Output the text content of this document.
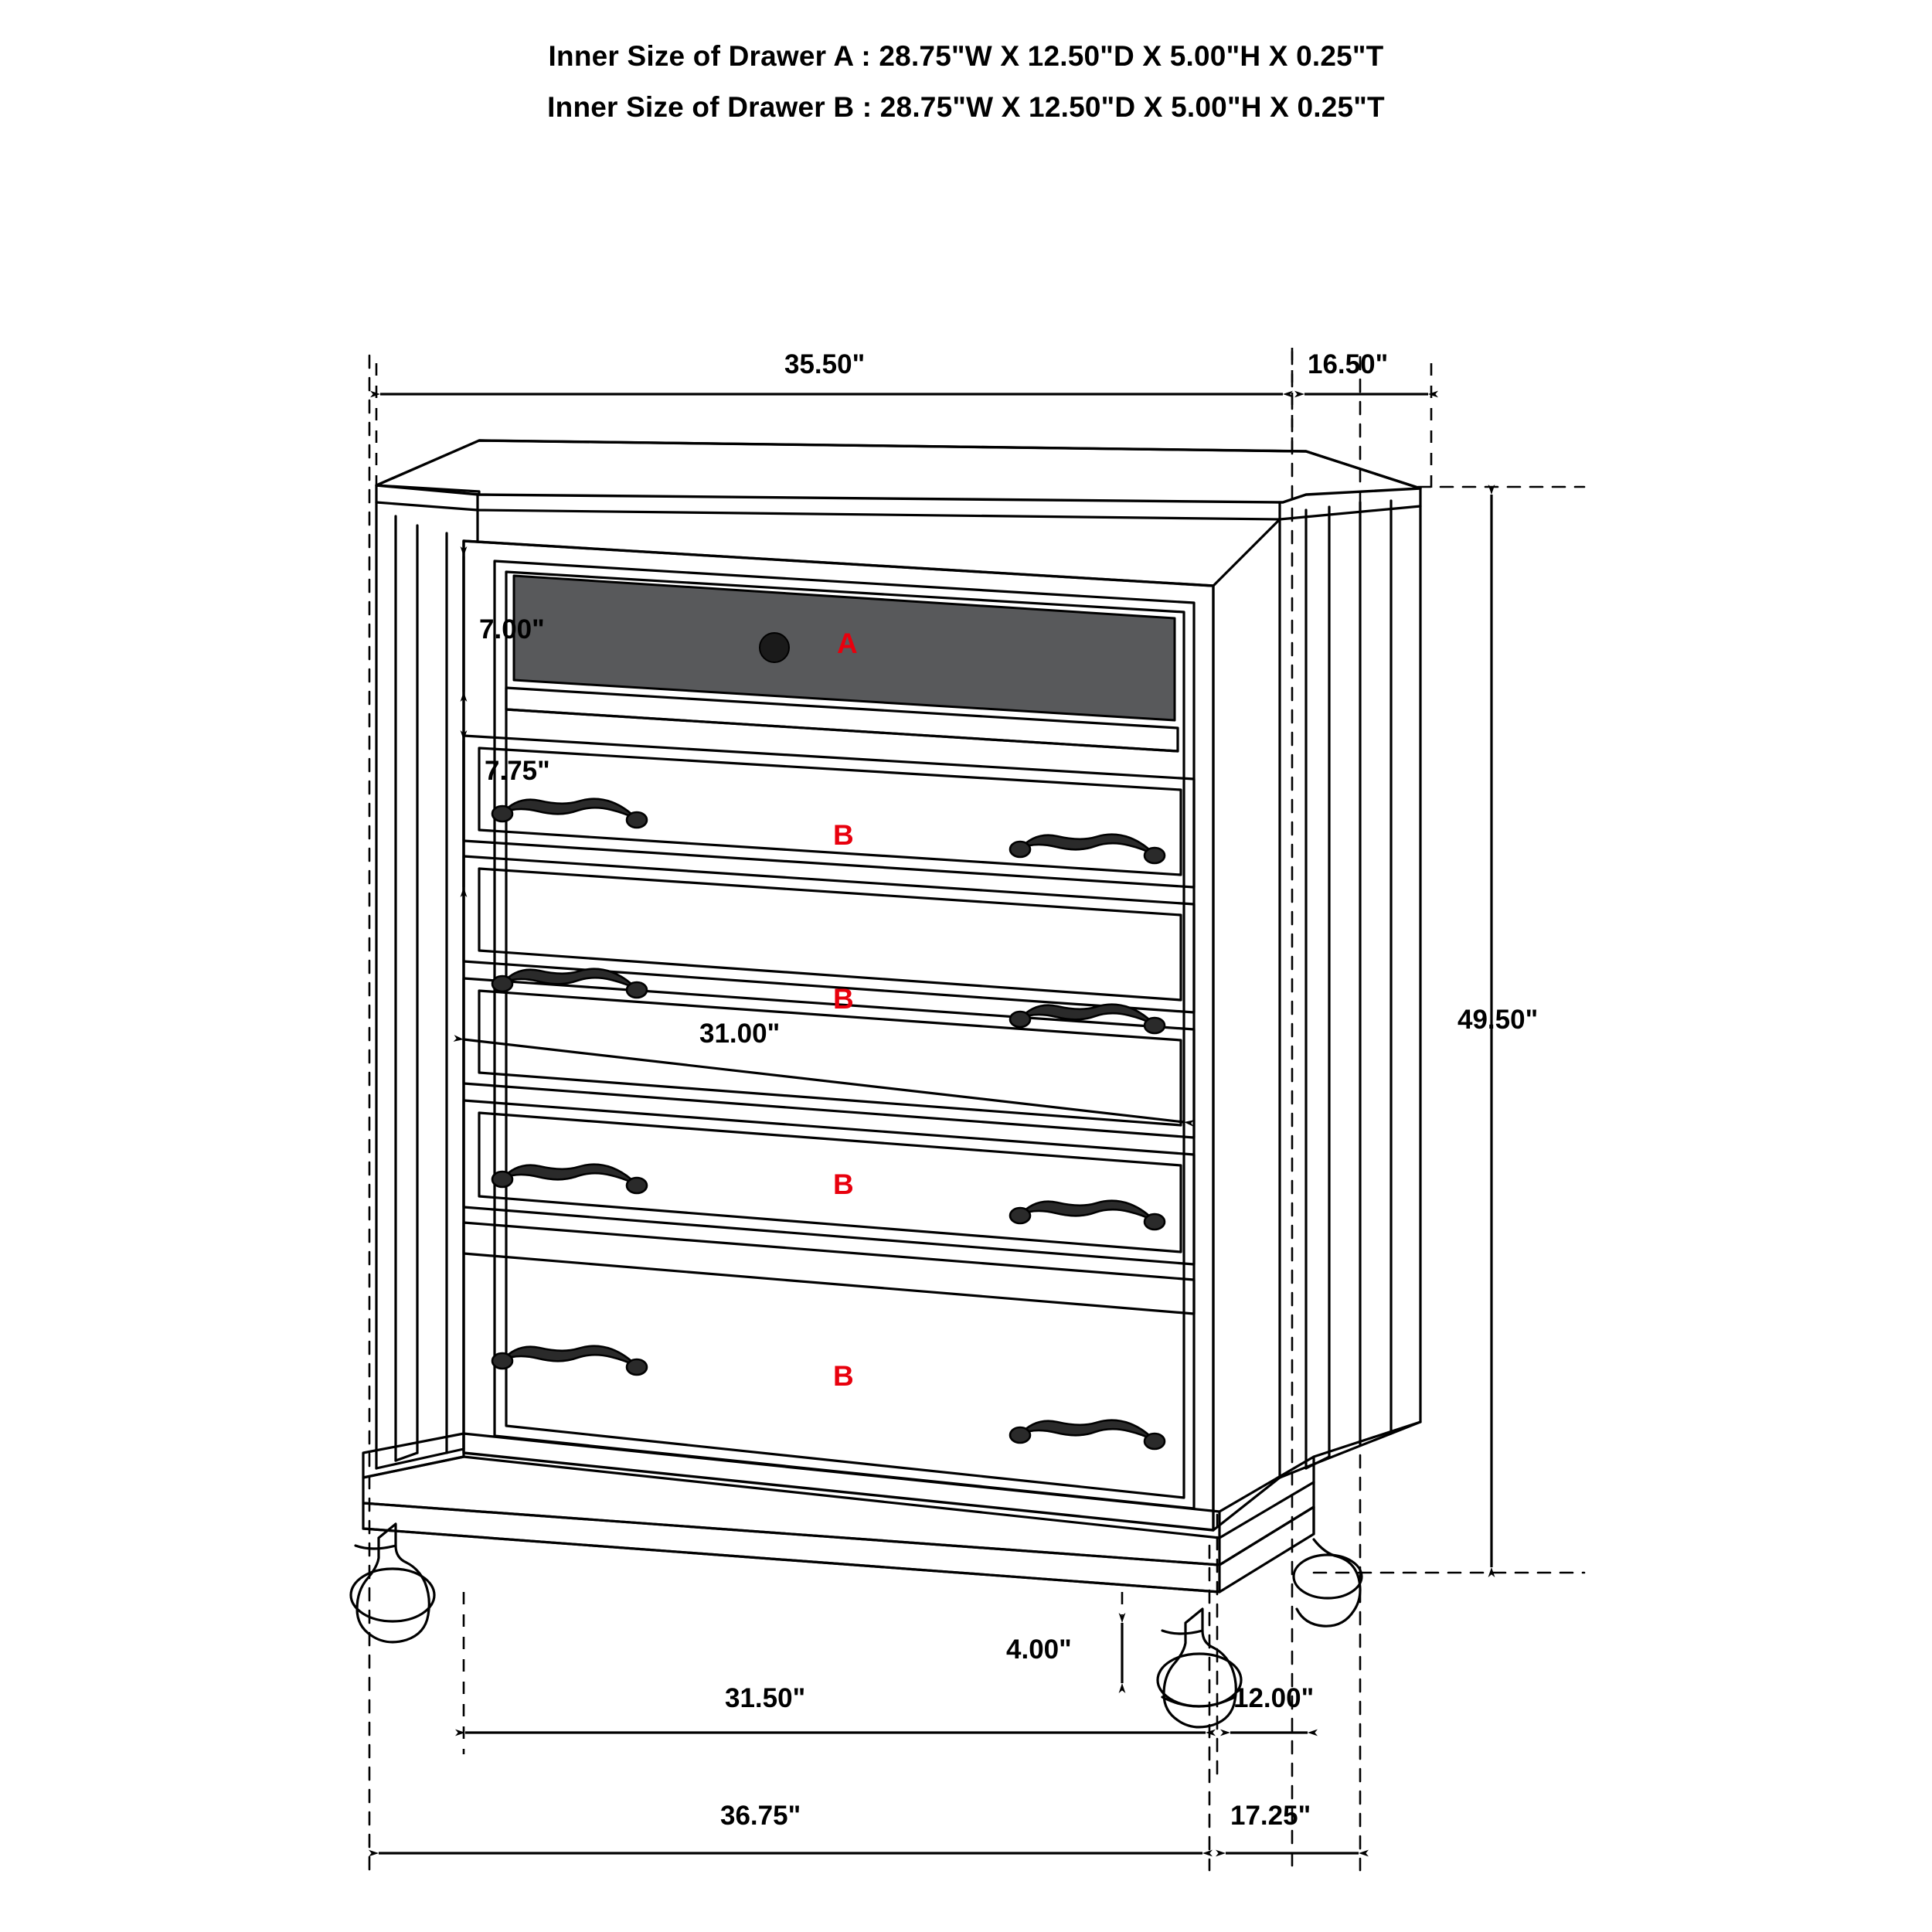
Inner Size of Drawer A : 28.75"W X 12.50"D X 5.00"H X 0.25"T
Inner Size of Drawer B : 28.75"W X 12.50"D X 5.00"H X 0.25"T
35.50"	16.50"
7.00"
7.75"
49.50"
31.00"
4.00"
31.50"	12.00"
36.75"	17.25"
A
B
B
B
B
